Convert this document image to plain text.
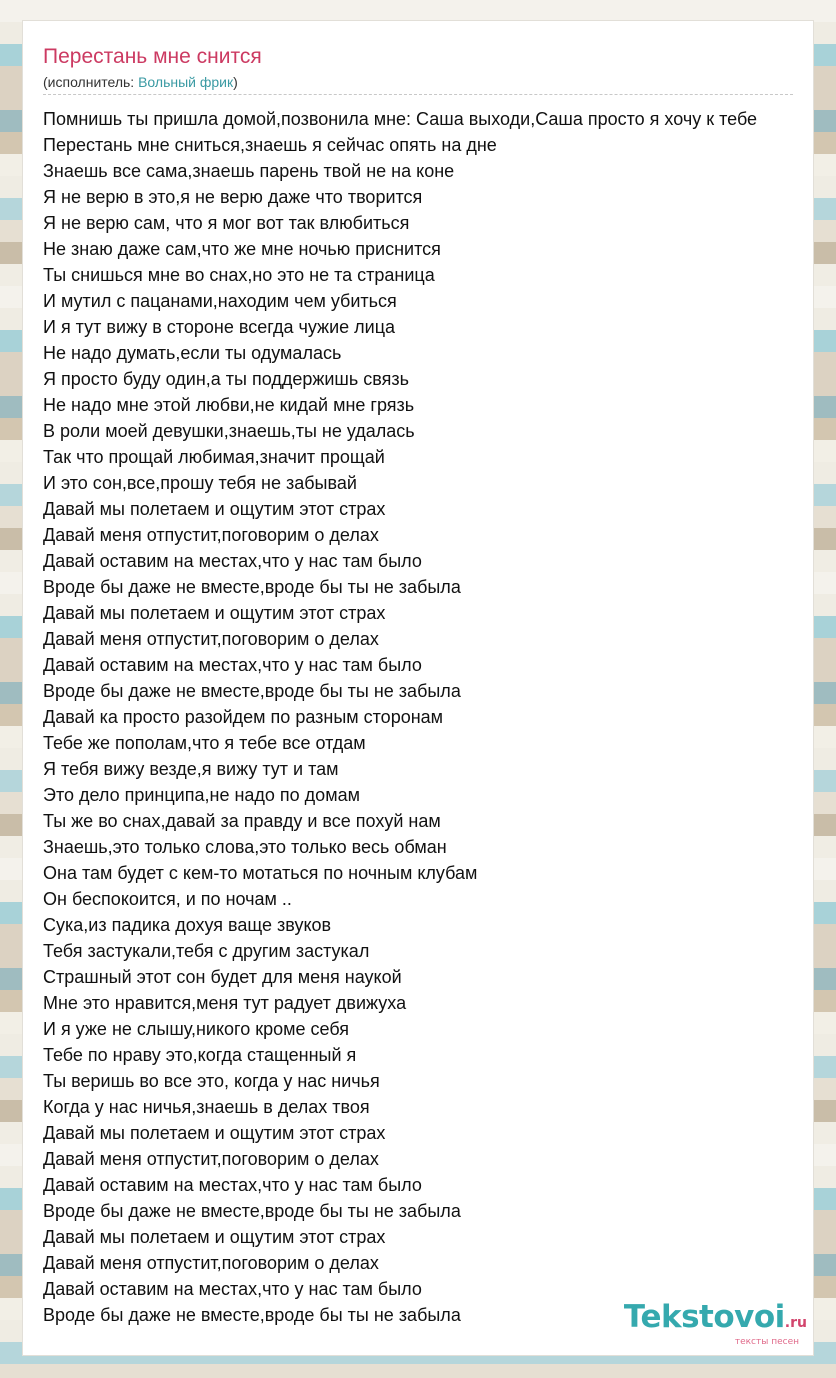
Перестань мне снится
(исполнитель: Вольный фрик)
Помнишь ты пришла домой,позвонила мне: Саша выходи,Саша просто я хочу к тебе
Перестань мне сниться,знаешь я сейчас опять на дне
Знаешь все сама,знаешь парень твой не на коне
Я не верю в это,я не верю даже что творится
Я не верю сам, что я мог вот так влюбиться
Не знаю даже сам,что же мне ночью приснится
Ты снишься мне во снах,но это не та страница
И мутил с пацанами,находим чем убиться
И я тут вижу в стороне всегда чужие лица
Не надо думать,если ты одумалась
Я просто буду один,а ты поддержишь связь
Не надо мне этой любви,не кидай мне грязь
В роли моей девушки,знаешь,ты не удалась
Так что прощай любимая,значит прощай
И это сон,все,прошу тебя не забывай
Давай мы полетаем и ощутим этот страх
Давай меня отпустит,поговорим о делах
Давай оставим на местах,что у нас там было
Вроде бы даже не вместе,вроде бы ты не забыла
Давай мы полетаем и ощутим этот страх
Давай меня отпустит,поговорим о делах
Давай оставим на местах,что у нас там было
Вроде бы даже не вместе,вроде бы ты не забыла
Давай ка просто разойдем по разным сторонам
Тебе же пополам,что я тебе все отдам
Я тебя вижу везде,я вижу тут и там
Это дело принципа,не надо по домам
Ты же во снах,давай за правду и все похуй нам
Знаешь,это только слова,это только весь обман
Она там будет с кем-то мотаться по ночным клубам
Он беспокоится, и по ночам ..
Сука,из падика дохуя ваще звуков
Тебя застукали,тебя с другим застукал
Страшный этот сон будет для меня наукой
Мне это нравится,меня тут радует движуха
И я уже не слышу,никого кроме себя
Тебе по нраву это,когда стащенный я
Ты веришь во все это, когда у нас ничья
Когда у нас ничья,знаешь в делах твоя
Давай мы полетаем и ощутим этот страх
Давай меня отпустит,поговорим о делах
Давай оставим на местах,что у нас там было
Вроде бы даже не вместе,вроде бы ты не забыла
Давай мы полетаем и ощутим этот страх
Давай меня отпустит,поговорим о делах
Давай оставим на местах,что у нас там было
Вроде бы даже не вместе,вроде бы ты не забыла	Tekstovoi.ru
тексты песен
